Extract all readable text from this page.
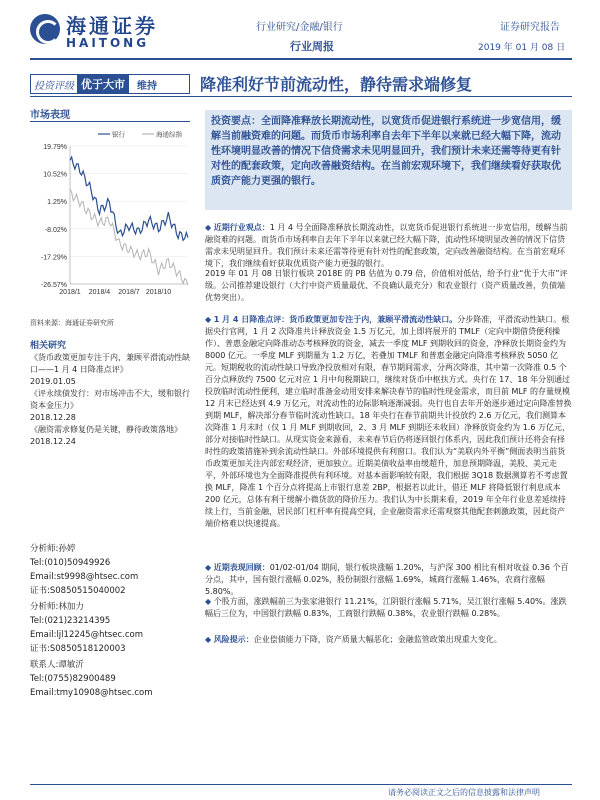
海通证券
HAITONG
行业研究/金融/银行
行业周报
证券研究报告
2019 年 01 月 08 日
投资评级 优于大市	维持	降准利好节前流动性，静待需求端修复
市场表现
19.79%
10.52%
1.25%
-8.02%
-17.29%
-26.57%
2018/1 2018/4 2018/7 2018/10
银行	海通综指
资料来源：海通证券研究所
相关研究
《货币政策更加专注于内，兼顾平滑流动性缺口——1 月 4 日降准点评》
2019.01.05
《评永续债发行：对市场冲击不大，缓和银行资本金压力》
2018.12.28
《融资需求修复仍是关键，静待政策落地》
2018.12.24
分析师:孙婷
Tel:(010)50949926
Email:st9998@htsec.com
证书:S0850515040002
分析师:林加力
Tel:(021)23214395
Email:ljl12245@htsec.com
证书:S0850518120003
联系人:谭敏沂
Tel:(0755)82900489
Email:tmy10908@htsec.com
投资要点：全面降准释放长期流动性，以宽货币促进银行系统进一步宽信用，缓解当前融资难的问题。而货币市场利率自去年下半年以来就已经大幅下降，流动性环境明显改善的情况下信贷需求未见明显回升，我们预计未来还需等待更有针对性的配套政策，定向改善融资结构。在当前宏观环境下，我们继续看好获取优质资产能力更强的银行。
◆ 近期行业观点：1 月 4 号全面降准释放长期流动性，以宽货币促进银行系统进一步宽信用，缓解当前融资难的问题。而货币市场利率自去年下半年以来就已经大幅下降，流动性环境明显改善的情况下信贷需求未见明显回升。我们预计未来还需等待更有针对性的配套政策，定向改善融资结构。在当前宏观环境下，我们继续看好获取优质资产能力更强的银行。
2019 年 01 月 08 日银行板块 2018E 的 PB 估值为 0.79 倍，价值相对低估，给予行业“优于大市”评级。公司推荐建设银行（大行中资产质量最优、不良确认最充分）和农业银行（资产质量改善，负债端优势突出）。
◆ 1 月 4 日降准点评：货币政策更加专注于内，兼顾平滑流动性缺口。分步降准，平滑流动性缺口。根据央行官网，1 月 2 次降准共计释放资金 1.5 万亿元，加上即将展开的 TMLF（定向中期借贷便利操作）、普惠金融定向降准动态考核释放的资金，减去一季度 MLF 到期收回的资金，净释放长期资金约为 8000 亿元。一季度 MLF 到期量为 1.2 万亿，若叠加 TMLF 和普惠金融定向降准考核释放 5050 亿元。短期税收的流动性缺口导致净投放相对有限，春节期间需求，分两次降准，其中第一次降准 0.5 个百分点释放约 7500 亿元对应 1 月中旬税期缺口，继续对货币中枢扶方式。央行在 17、18 年分别通过投放临时流动性便利，建立临时准备金动用安排来解决春节的临时性现金需求，而目前 MLF 的存量规模 12 月末已经达到 4.9 万亿元，对流动性的边际影响逐渐减弱。央行也自去年开始逐步通过定向降准替换到期 MLF，解决部分春节临时流动性缺口。18 年央行在春节前期共计投放约 2.6 万亿元，我们测算本次降准 1 月末时（仅 1 月 MLF 到期收回，2、3 月 MLF 到期还未收回）净释放资金约为 1.6 万亿元，部分对接临时性缺口。从现实资金来源看，未来春节后仍将逐回银行体系内，因此我们预计还将会有择时性的政策措施补到余流动性缺口。外部环境提供有利窗口。我们认为“美联内外平衡”侧面表明当前货币政策更加关注内部宏观经济，更加独立。近期美债收益率由缓超升，加息预期降温，美股、美元走平，外部环境也为全面降准提供有利环境。对基本面影响较有限，我们根据 3Q18 数据测算若不考虑置换 MLF，降准 1 个百分点将提高上市银行息差 2BP，根据若以此计，借还 MLF 将降低银行利息成本 200 亿元，总体有利于缓解小微货款的降价压力。我们认为中长期来看，2019 年全年行业息差延续持续上行，当前金融，居民部门杠杆率有提高空间，企业融资需求还需观察其他配套刺激政策，因此资产端价格难以快速提高。
◆ 近期表现回顾：01/02-01/04 期间，银行板块涨幅 1.20%，与沪深 300 相比有相对收益 0.36 个百分点，其中，国有银行涨幅 0.02%，股份制银行涨幅 1.69%，城商行涨幅 1.46%，农商行涨幅 5.80%。
◆ 个股方面，涨跌幅前三为张家港银行 11.21%，江阴银行涨幅 5.71%，吴江银行涨幅 5.40%。涨跌幅后三位为，中国银行跌幅 0.83%，工商银行跌幅 0.38%，农业银行跌幅 0.28%。
◆ 风险提示：企业偿债能力下降，资产质量大幅恶化；金融监管政策出现重大变化。
请务必阅读正文之后的信息披露和法律声明
